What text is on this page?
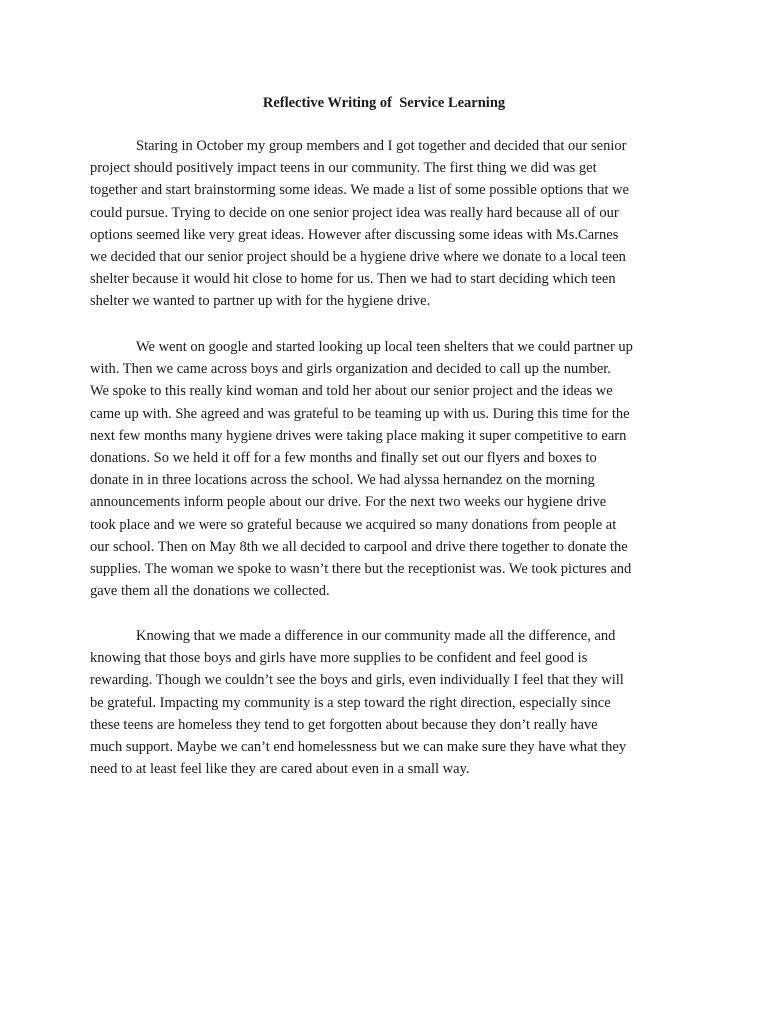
Reflective Writing of  Service Learning
Staring in October my group members and I got together and decided that our senior
project should positively impact teens in our community. The first thing we did was get
together and start brainstorming some ideas. We made a list of some possible options that we
could pursue. Trying to decide on one senior project idea was really hard because all of our
options seemed like very great ideas. However after discussing some ideas with Ms.Carnes
we decided that our senior project should be a hygiene drive where we donate to a local teen
shelter because it would hit close to home for us. Then we had to start deciding which teen
shelter we wanted to partner up with for the hygiene drive.
We went on google and started looking up local teen shelters that we could partner up
with. Then we came across boys and girls organization and decided to call up the number.
We spoke to this really kind woman and told her about our senior project and the ideas we
came up with. She agreed and was grateful to be teaming up with us. During this time for the
next few months many hygiene drives were taking place making it super competitive to earn
donations. So we held it off for a few months and finally set out our flyers and boxes to
donate in in three locations across the school. We had alyssa hernandez on the morning
announcements inform people about our drive. For the next two weeks our hygiene drive
took place and we were so grateful because we acquired so many donations from people at
our school. Then on May 8th we all decided to carpool and drive there together to donate the
supplies. The woman we spoke to wasn’t there but the receptionist was. We took pictures and
gave them all the donations we collected.
Knowing that we made a difference in our community made all the difference, and
knowing that those boys and girls have more supplies to be confident and feel good is
rewarding. Though we couldn’t see the boys and girls, even individually I feel that they will
be grateful. Impacting my community is a step toward the right direction, especially since
these teens are homeless they tend to get forgotten about because they don’t really have
much support. Maybe we can’t end homelessness but we can make sure they have what they
need to at least feel like they are cared about even in a small way.
